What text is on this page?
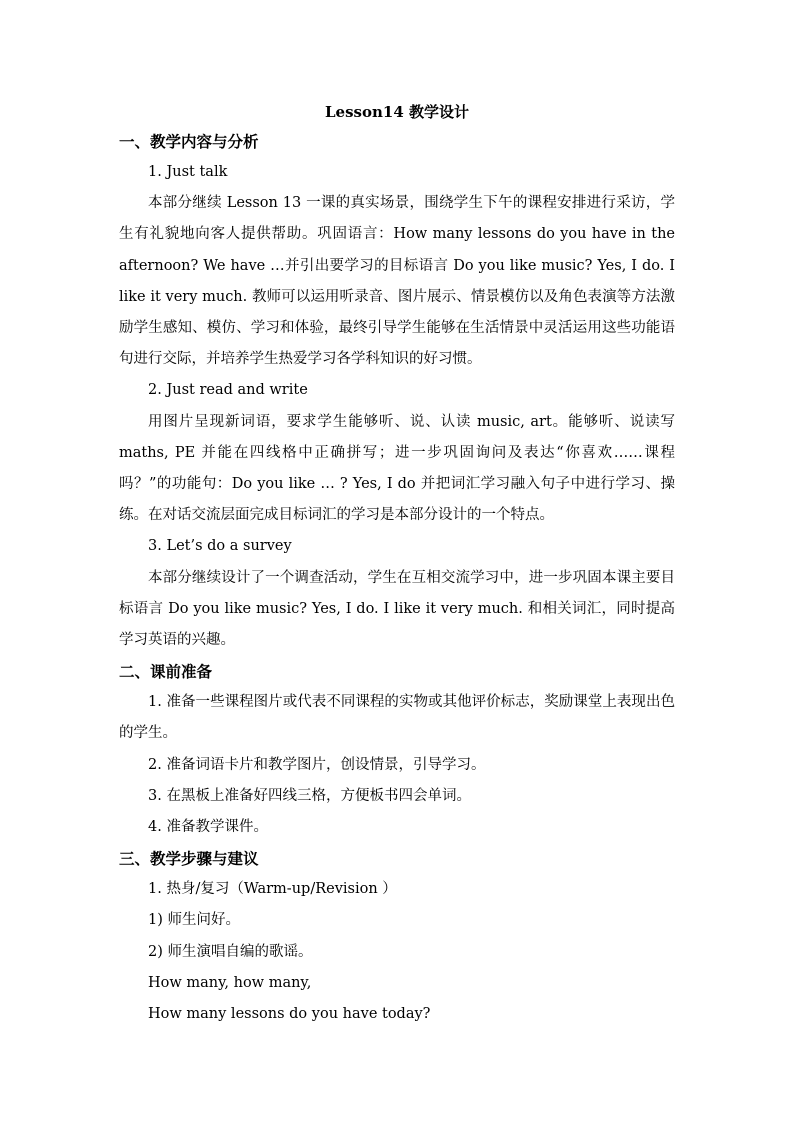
Lesson14 教学设计

一、教学内容与分析

1. Just talk

本部分继续 Lesson 13 一课的真实场景，围绕学生下午的课程安排进行采访，学生有礼貌地向客人提供帮助。巩固语言：How many lessons do you have in the afternoon? We have …并引出要学习的目标语言 Do you like music? Yes, I do. I like it very much. 教师可以运用听录音、图片展示、情景模仿以及角色表演等方法激励学生感知、模仿、学习和体验，最终引导学生能够在生活情景中灵活运用这些功能语句进行交际，并培养学生热爱学习各学科知识的好习惯。

2. Just read and write

用图片呈现新词语，要求学生能够听、说、认读 music, art。能够听、说读写 maths, PE 并能在四线格中正确拼写；进一步巩固询问及表达“你喜欢……课程吗？”的功能句：Do you like … ? Yes, I do 并把词汇学习融入句子中进行学习、操练。在对话交流层面完成目标词汇的学习是本部分设计的一个特点。

3. Let’s do a survey

本部分继续设计了一个调查活动，学生在互相交流学习中，进一步巩固本课主要目标语言 Do you like music? Yes, I do. I like it very much. 和相关词汇，同时提高学习英语的兴趣。

二、课前准备

1. 准备一些课程图片或代表不同课程的实物或其他评价标志，奖励课堂上表现出色的学生。

2. 准备词语卡片和教学图片，创设情景，引导学习。

3. 在黑板上准备好四线三格，方便板书四会单词。

4. 准备教学课件。

三、教学步骤与建议

1. 热身/复习（Warm-up/Revision ）

1) 师生问好。

2) 师生演唱自编的歌谣。

How many, how many,

How many lessons do you have today?
